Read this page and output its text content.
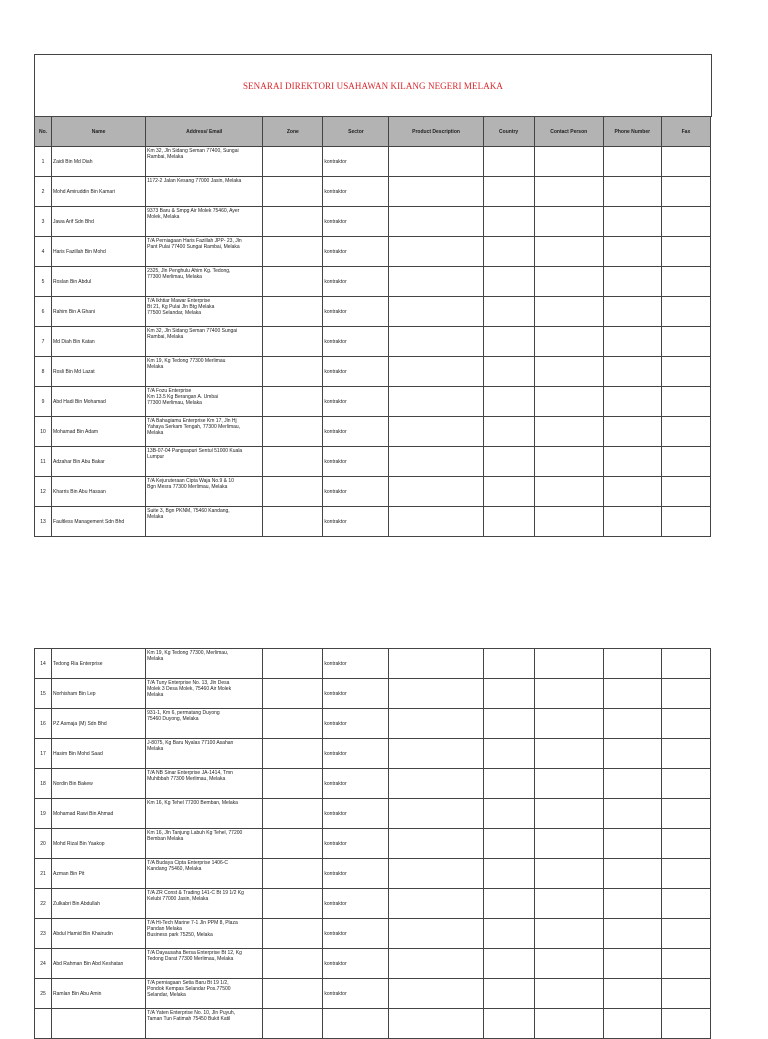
SENARAI DIREKTORI USAHAWAN KILANG NEGERI MELAKA
No.	Name	Address/ Email	Zone	Sector	Product Description	Country	Contact Person	Phone Number	Fax
1	Zaidi Bin Md Diah	Km 32, Jln Sidang Seman 77400, Sungai
Rambai, Melaka		kontraktor					
2	Mohd Amiruddin Bin Kamari	1172-2 Jalan Kesang 77000 Jasin, Melaka		kontraktor					
3	Jawa Arif Sdn Bhd	9373 Baru & Smpg Air Molek 75460, Ayer
Molek, Melaka		kontraktor					
4	Haris Fazillah Bin Mohd	T/A Perniagaan Haris Fazillah JPP- 23, Jln
Pant Pulai 77400 Sungai Rambai, Melaka		kontraktor					
5	Roslan Bin Abdul	2325, Jln Penghulu Ahim Kg. Tedong,
77300 Merlimau, Melaka		kontraktor					
6	Rahim Bin A Ghani	T/A Ikhtiar Mawar Enterprise
Bt 21, Kg Pulai Jln Btg Melaka
77500 Selandar, Melaka		kontraktor					
7	Md Diah Bin Katan	Km 32, Jln Sidang Seman 77400 Sungai
Rambai, Melaka		kontraktor					
8	Rosli Bin Md Lazat	Km 19, Kg Tedong 77300 Merlimau
Melaka		kontraktor					
9	Abd Hadi Bin Mohamad	T/A Fozu Enterprise
Km 13.5 Kg Berangan A. Umbai
77300 Merlimau, Melaka		kontraktor					
10	Mohamad Bin Adam	T/A Bahagiamu Enterprise Km 17, Jln Hj
Yahaya Serkam Tengah, 77300 Merlimau,
Melaka		kontraktor					
11	Adzahar Bin Abu Bakar	13B-07-04 Pangsapuri Sentul 51000 Kuala
Lumpur		kontraktor					
12	Kharris Bin Abu Hassan	T/A Kejuruteraan Cipta Waja No.9 & 10
Bgn Mesra 77300 Merlimau, Melaka		kontraktor					
13	Faultless Management Sdn Bhd	Suite 3, Bgn PKNM, 75460 Kandang,
Melaka		kontraktor					
14	Tedong Ria Enterprise	Km 19, Kg Tedong 77300, Merlimau,
Melaka		kontraktor					
15	Norhisham Bin Lep	T/A Tuny Enterprise No. 13, Jln Desa
Molek 3 Desa Molek, 75460 Air Molek
Melaka		kontraktor					
16	PZ Asmaja (M) Sdn Bhd	931-1, Km 6, permatang Duyong
75460 Duyong, Melaka		kontraktor					
17	Hasim Bin Mohd Saad	J-8075, Kg Baru Nyalas 77100 Asahan
Melaka		kontraktor					
18	Nordin Bin Bakew	T/A NB Sinar Enterprise JA-1414, Tmn
Muhibbah 77300 Merlimau, Melaka		kontraktor					
19	Mohamad Rawi Bin Ahmad	Km 16, Kg Tehel 77200 Bemban, Melaka		kontraktor					
20	Mohd Rizal Bin Yaakop	Km 16, Jln Tanjung Labuh Kg Tehel, 77200
Bemban Melaka		kontraktor					
21	Azman Bin Pit	T/A Budaya Cipta Enterprise 1406-C
Kandang 75460, Melaka		kontraktor					
22	Zulkabri Bin Abdullah	T/A ZR Const & Trading 141-C Bt 19 1/2 Kg
Kelubi 77000 Jasin, Melaka		kontraktor					
23	Abdul Hamid Bin Khairudin	T/A Hi-Tech Marine 7-1 Jln PPM 8, Plaza
Pandan Melaka
Business park 75250, Melaka		kontraktor					
24	Abd Rahman Bin Abd Keshatan	T/A Dayausaha Bersa Enterprise Bt 12, Kg
Tedong Darat 77300 Merlimau, Melaka		kontraktor					
25	Ramlan Bin Abu Amin	T/A perniagaan Setia Baru Bt 19 1/2,
Pondok Kempas Selandar Pos.77500
Selandar, Melaka		kontraktor					
		T/A Yaten Enterprise No. 10, Jln Puyuh,
Taman Tun Fatimah 75450 Bukit Katil							
